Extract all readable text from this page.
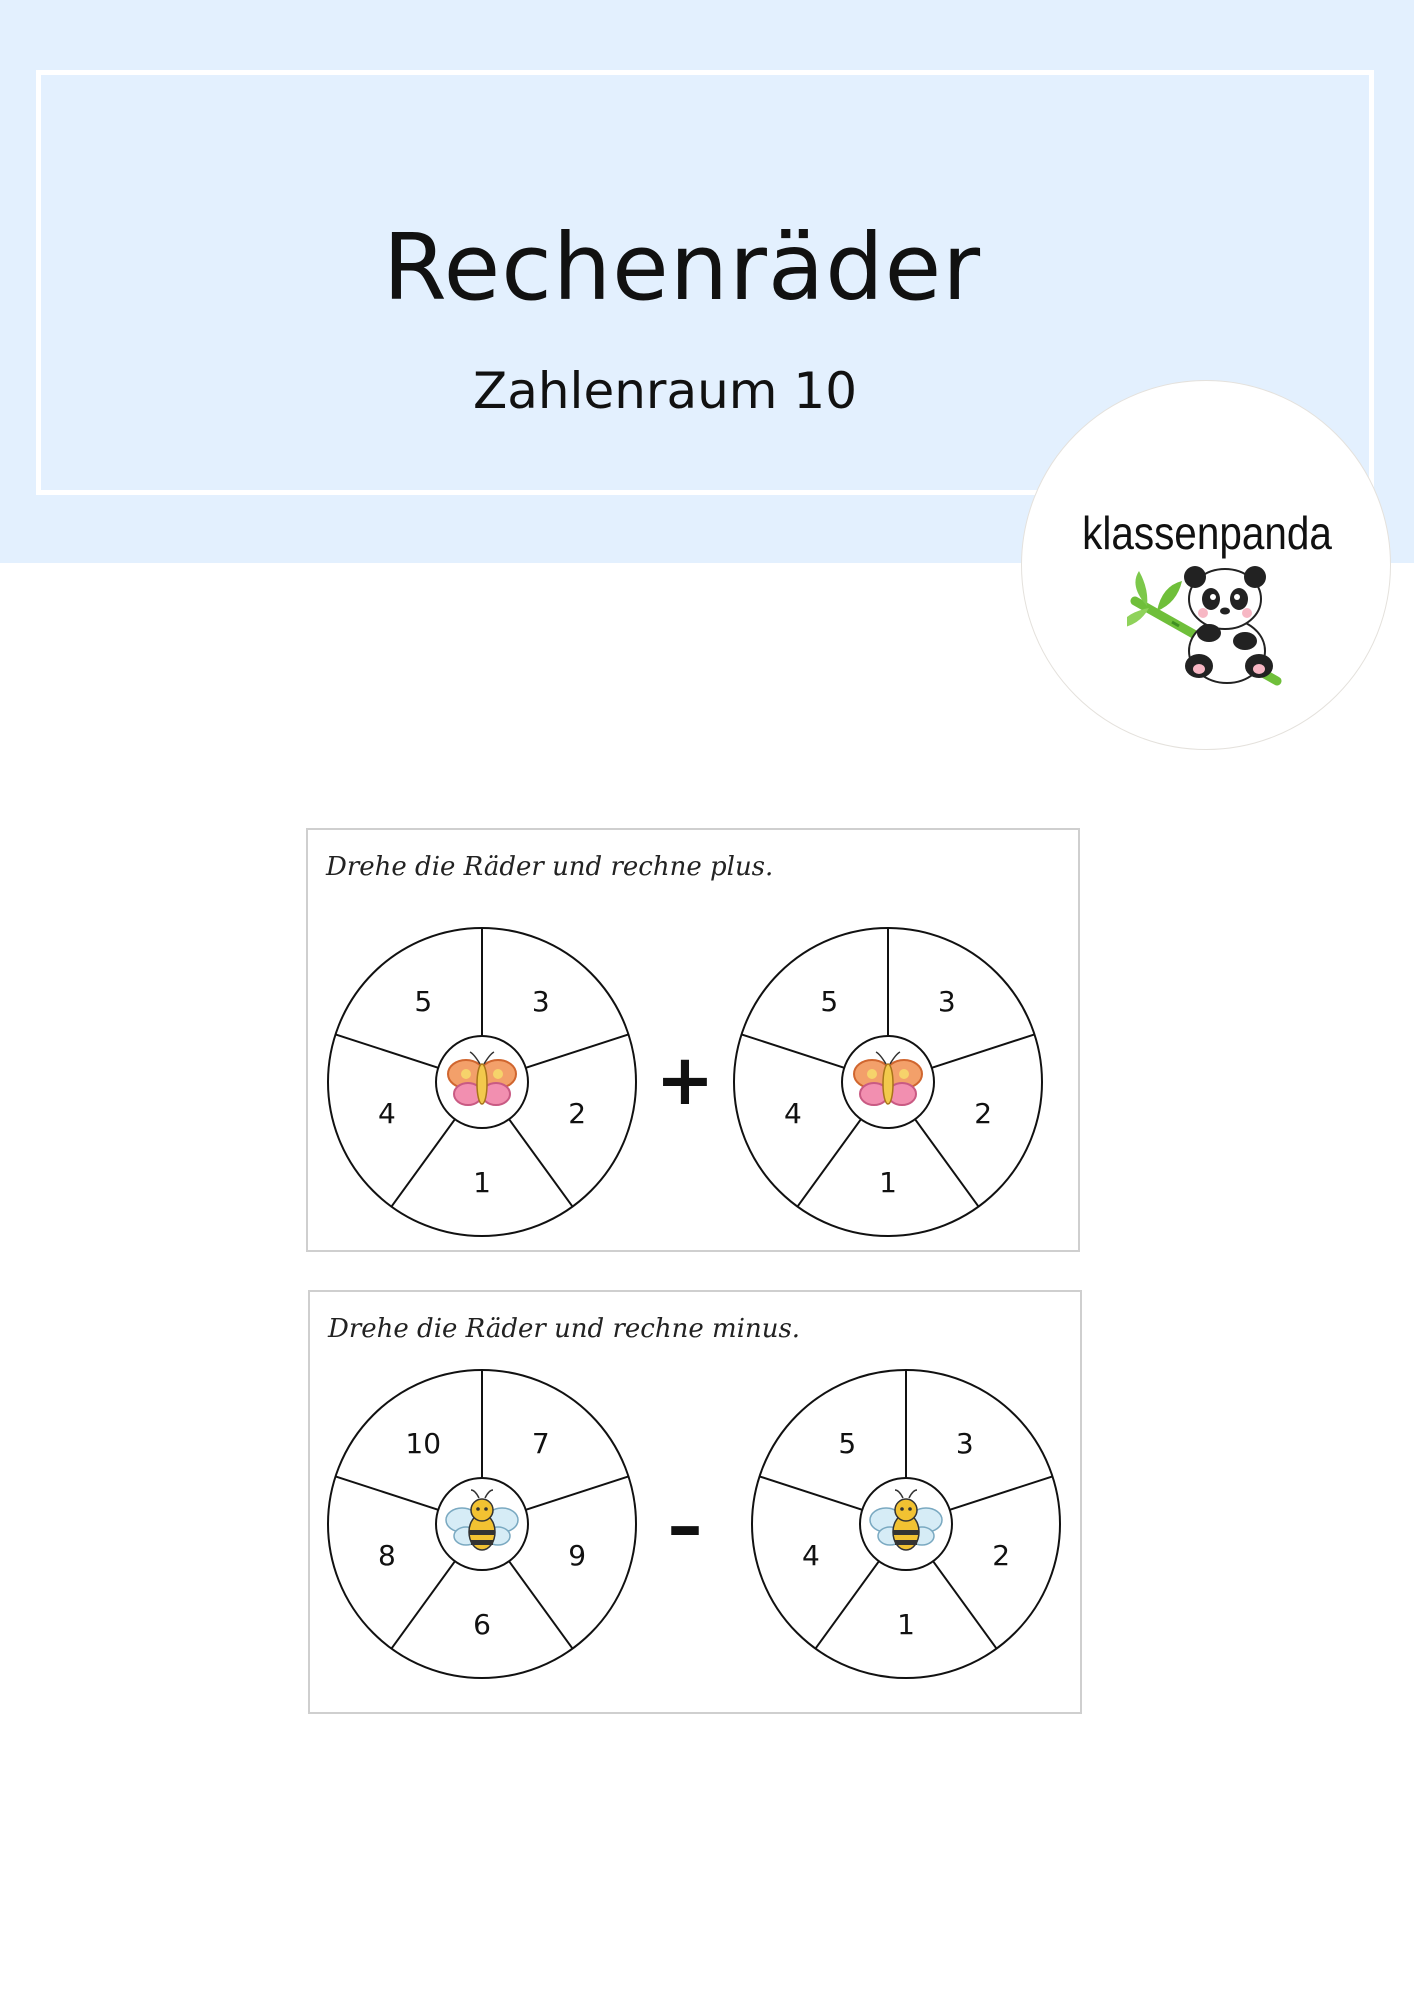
Rechenräder
Zahlenraum 10
klassenpanda
3
2
1
4
5	3
2
1
4
5
+
Drehe die Räder und rechne plus.
7
9
6
8
10	3
2
1
4
5
–
Drehe die Räder und rechne minus.
